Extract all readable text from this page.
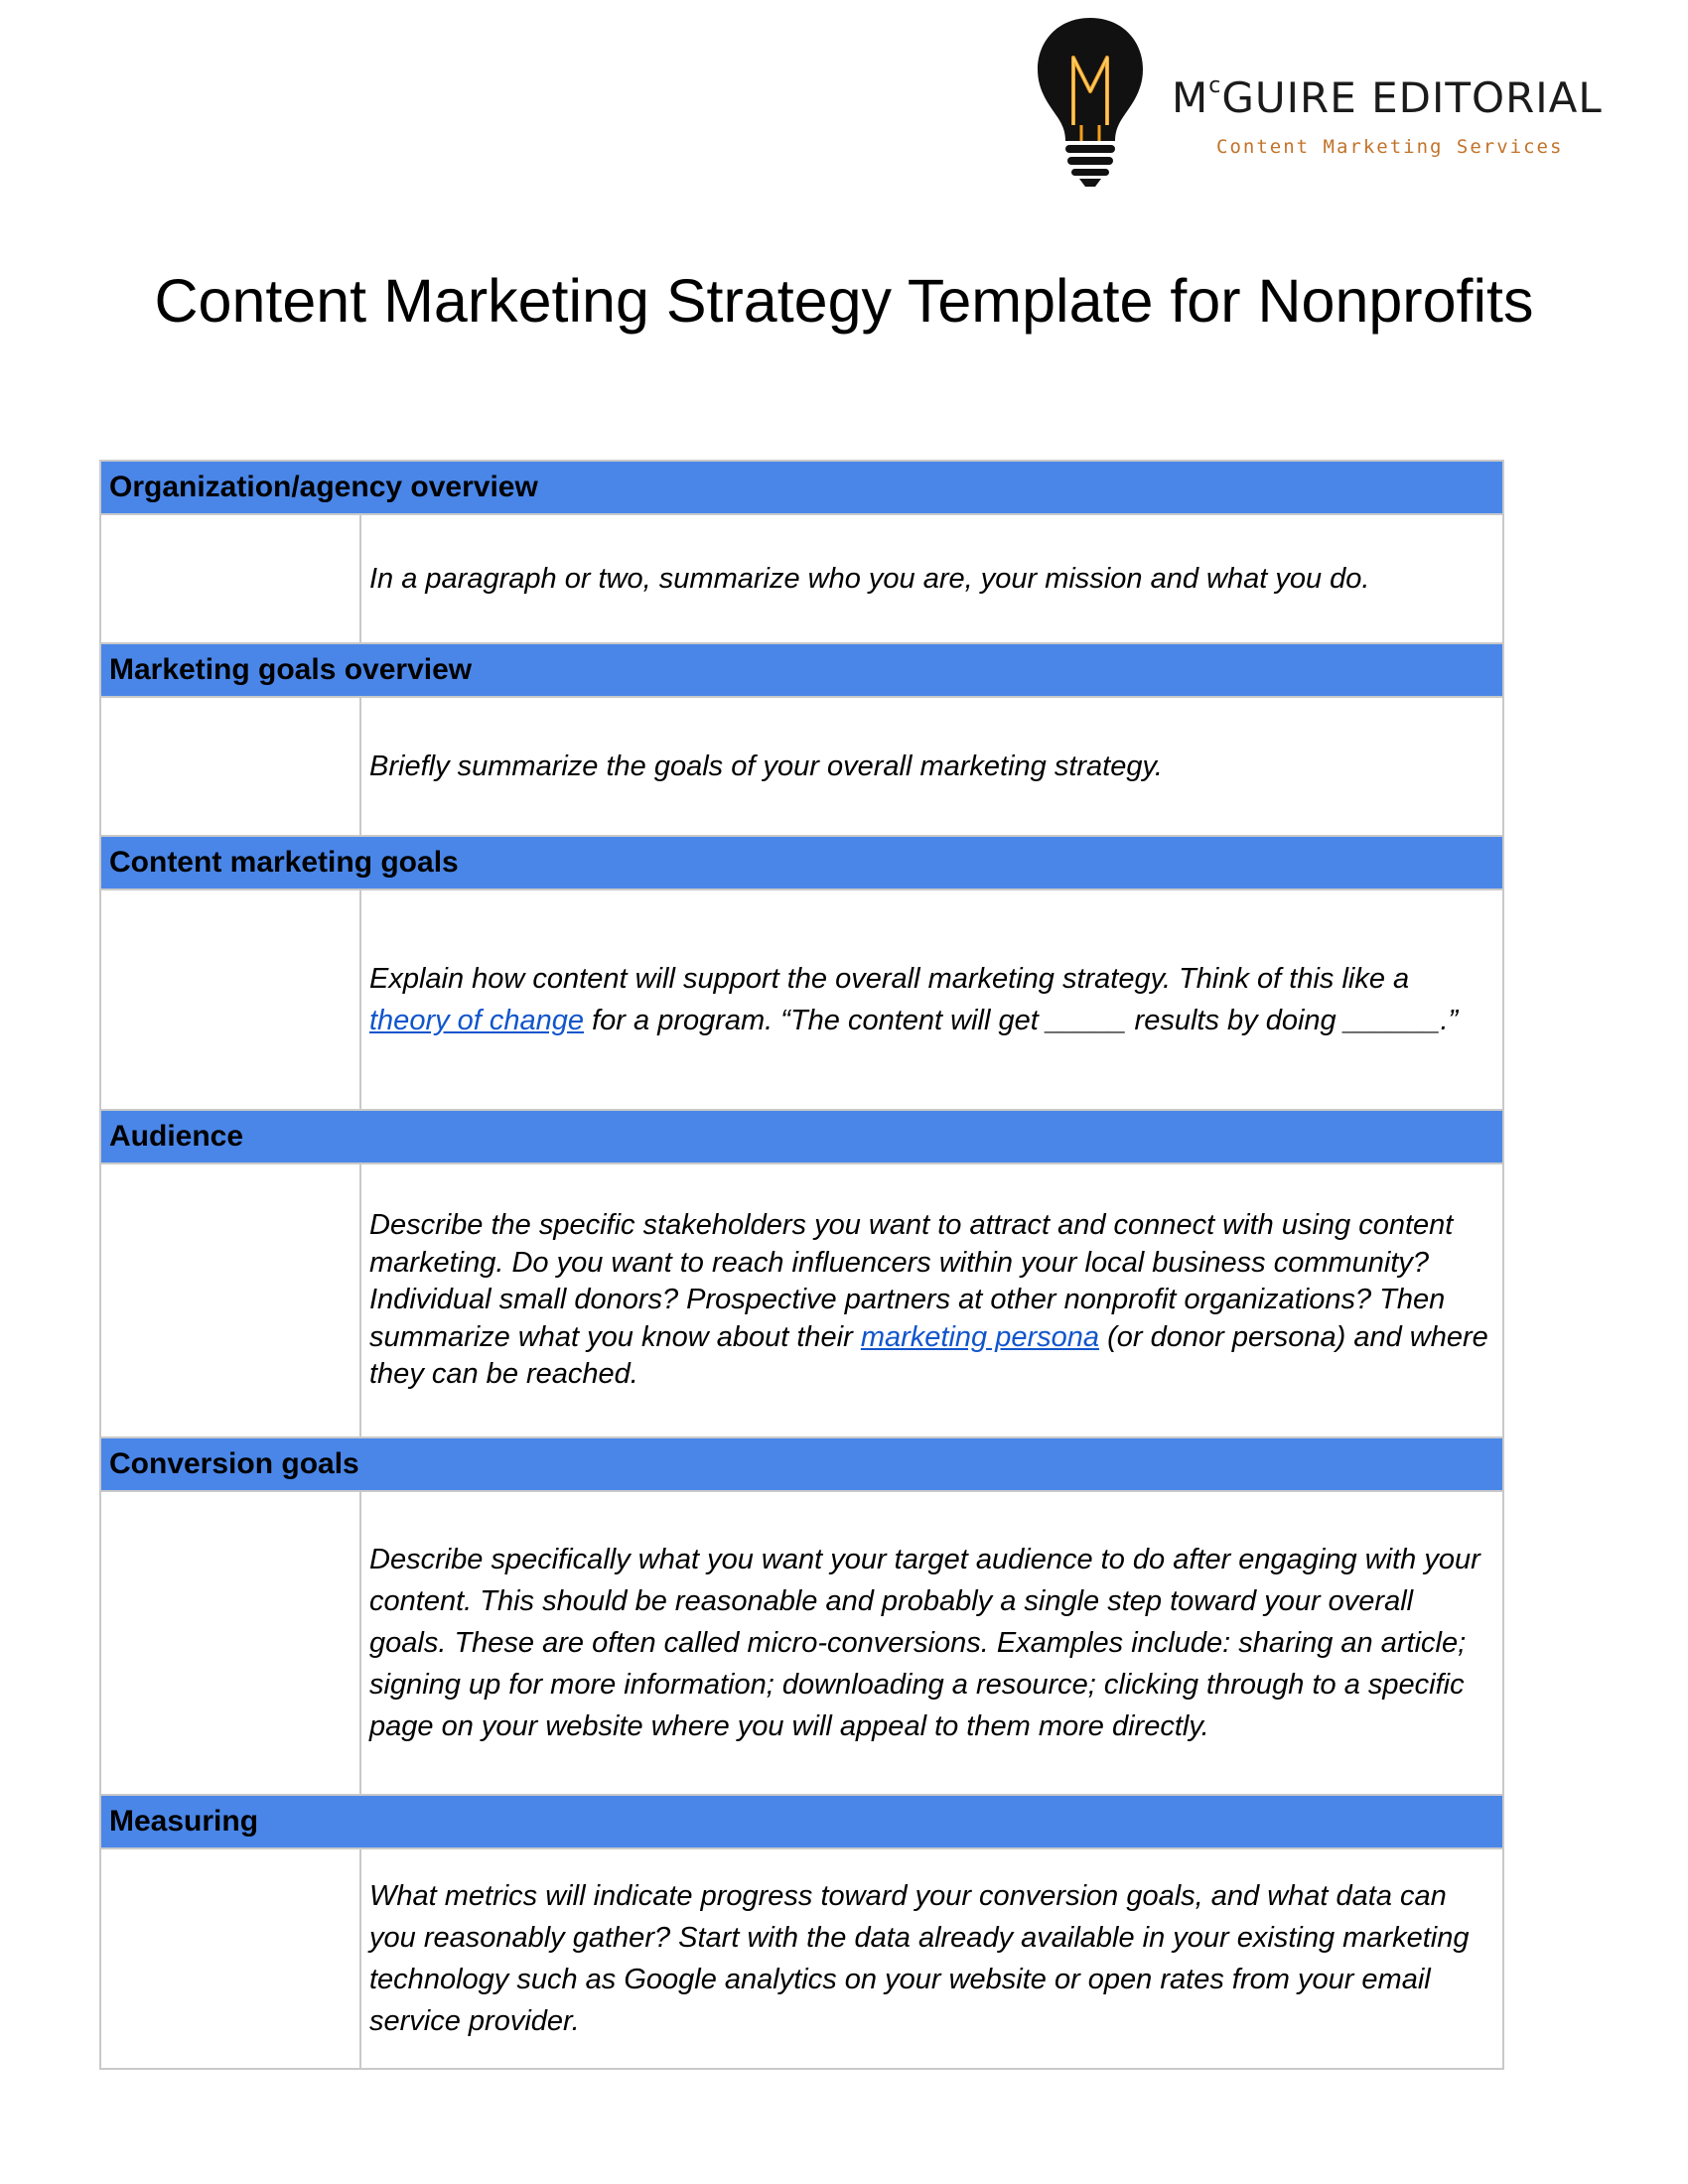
$M^cGUIRE$ EDITORIAL
Content Marketing Services
Content Marketing Strategy Template for Nonprofits
Organization/agency overview	

	In a paragraph or two, summarize who you are, your mission and what you do.

Marketing goals overview	

	Briefly summarize the goals of your overall marketing strategy.

Content marketing goals	

	Explain how content will support the overall marketing strategy. Think of this like a theory of change for a program. “The content will get _____ results by doing ______.”

Audience	

	Describe the specific stakeholders you want to attract and connect with using content marketing. Do you want to reach influencers within your local business community? Individual small donors? Prospective partners at other nonprofit organizations? Then summarize what you know about their marketing persona (or donor persona) and where they can be reached.

Conversion goals	

	Describe specifically what you want your target audience to do after engaging with your content. This should be reasonable and probably a single step toward your overall goals. These are often called micro-conversions. Examples include: sharing an article; signing up for more information; downloading a resource; clicking through to a specific page on your website where you will appeal to them more directly.

Measuring	

	What metrics will indicate progress toward your conversion goals, and what data can you reasonably gather? Start with the data already available in your existing marketing technology such as Google analytics on your website or open rates from your email service provider.
